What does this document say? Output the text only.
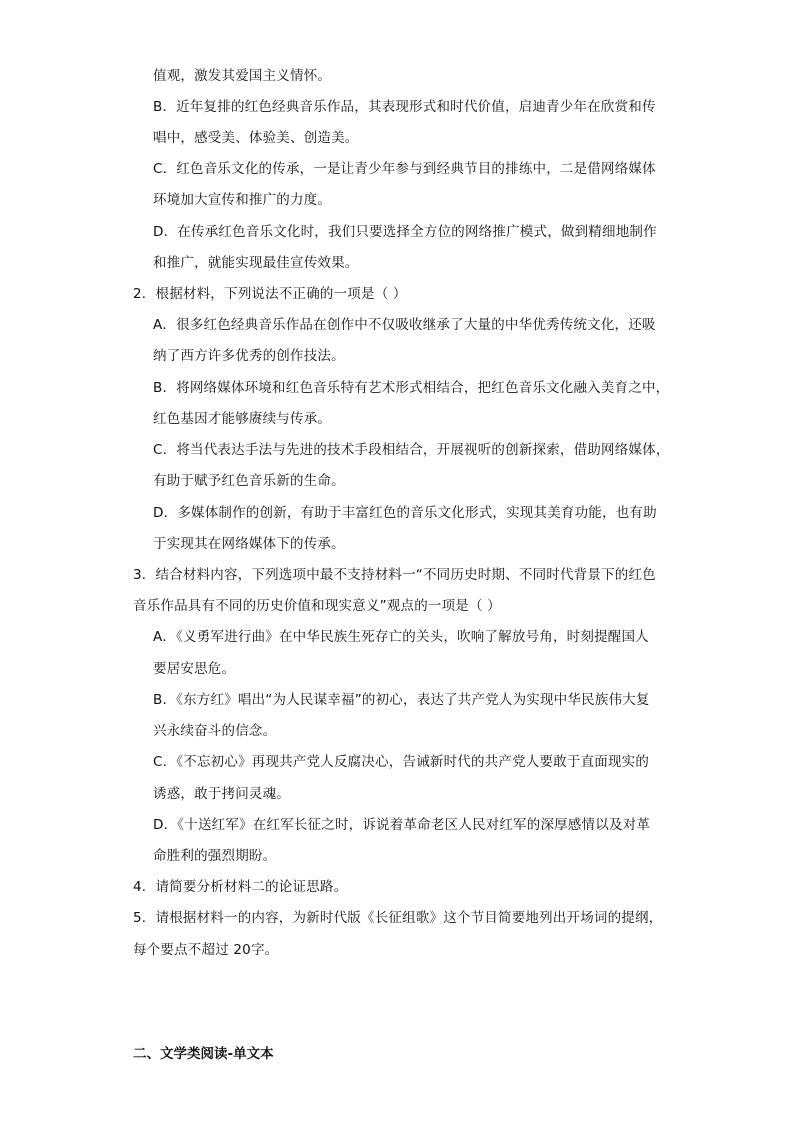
值观，激发其爱国主义情怀。
B．近年复排的红色经典音乐作品，其表现形式和时代价值，启迪青少年在欣赏和传
唱中，感受美、体验美、创造美。
C．红色音乐文化的传承，一是让青少年参与到经典节目的排练中，二是借网络媒体
环境加大宣传和推广的力度。
D．在传承红色音乐文化时，我们只要选择全方位的网络推广模式，做到精细地制作
和推广，就能实现最佳宣传效果。
2．根据材料，下列说法不正确的一项是（ ）
A．很多红色经典音乐作品在创作中不仅吸收继承了大量的中华优秀传统文化，还吸
纳了西方许多优秀的创作技法。
B．将网络媒体环境和红色音乐特有艺术形式相结合，把红色音乐文化融入美育之中，
红色基因才能够赓续与传承。
C．将当代表达手法与先进的技术手段相结合，开展视听的创新探索，借助网络媒体，
有助于赋予红色音乐新的生命。
D．多媒体制作的创新，有助于丰富红色的音乐文化形式，实现其美育功能，也有助
于实现其在网络媒体下的传承。
3．结合材料内容，下列选项中最不支持材料一“不同历史时期、不同时代背景下的红色
音乐作品具有不同的历史价值和现实意义”观点的一项是（ ）
A．《义勇军进行曲》在中华民族生死存亡的关头，吹响了解放号角，时刻提醒国人
要居安思危。
B．《东方红》唱出“为人民谋幸福”的初心，表达了共产党人为实现中华民族伟大复
兴永续奋斗的信念。
C．《不忘初心》再现共产党人反腐决心，告诫新时代的共产党人要敢于直面现实的
诱惑，敢于拷问灵魂。
D．《十送红军》在红军长征之时，诉说着革命老区人民对红军的深厚感情以及对革
命胜利的强烈期盼。
4．请简要分析材料二的论证思路。
5．请根据材料一的内容，为新时代版《长征组歌》这个节目简要地列出开场词的提纲，
每个要点不超过 20字。
二、文学类阅读-单文本
